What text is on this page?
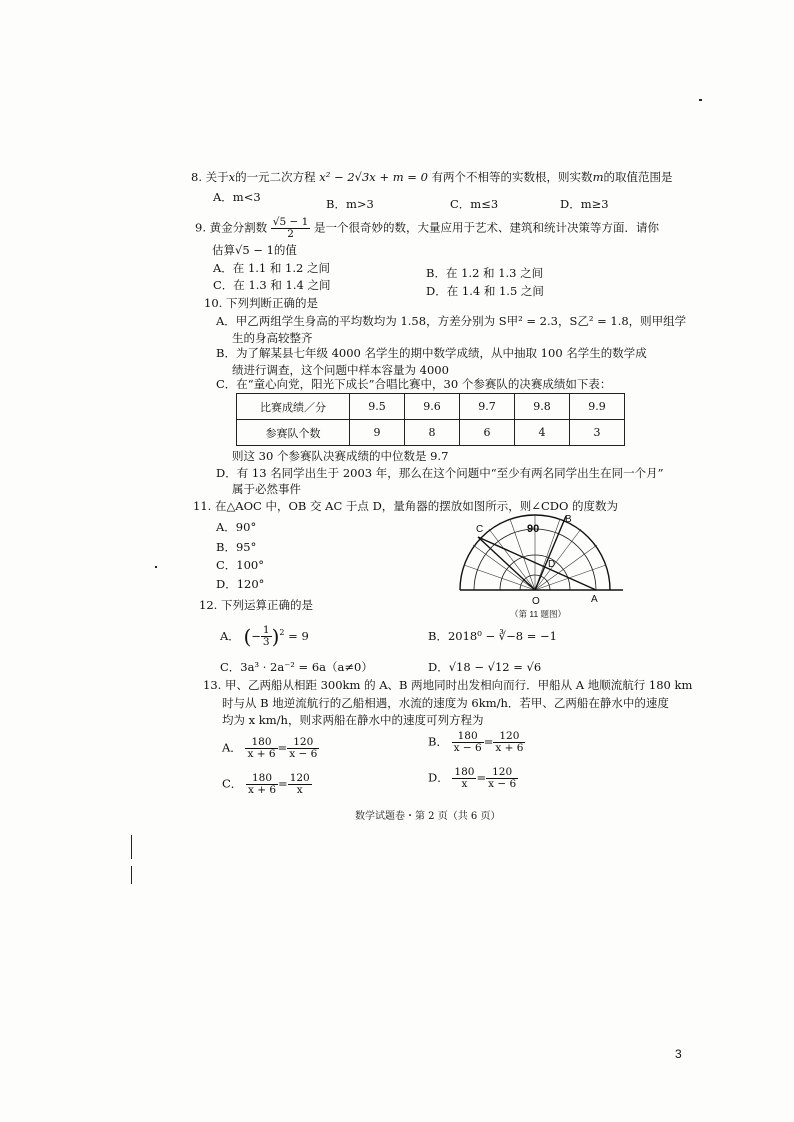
8. 关于x的一元二次方程 x² − 2√3x + m = 0 有两个不相等的实数根，则实数m的取值范围是
A．m<3	B．m>3	C．m≤3	D．m≥3
9. 黄金分割数 $\frac{√5 - 1}{2}$ 是一个很奇妙的数，大量应用于艺术、建筑和统计决策等方面．请你
估算√5 − 1的值
A．在 1.1 和 1.2 之间	B．在 1.2 和 1.3 之间
C．在 1.3 和 1.4 之间	D．在 1.4 和 1.5 之间
10. 下列判断正确的是
A．甲乙两组学生身高的平均数均为 1.58，方差分别为 S甲² = 2.3，S乙² = 1.8，则甲组学
生的身高较整齐
B．为了解某县七年级 4000 名学生的期中数学成绩，从中抽取 100 名学生的数学成
绩进行调查，这个问题中样本容量为 4000
C．在“童心向党，阳光下成长”合唱比赛中，30 个参赛队的决赛成绩如下表：
比赛成绩／分	9.5	9.6	9.7	9.8	9.9
参赛队个数	9	8	6	4	3
则这 30 个参赛队决赛成绩的中位数是 9.7
D．有 13 名同学出生于 2003 年，那么在这个问题中“至少有两名同学出生在同一个月”
属于必然事件
11. 在△AOC 中，OB 交 AC 于点 D，量角器的摆放如图所示，则∠CDO 的度数为
A．90°
B．95°
C．100°
D．120°
C
B
D
O	A
90
（第 11 题图）
12. 下列运算正确的是
A． (− $\frac{1}{3} )^2 = 9$	B．2018⁰ − ∛−8 = −1
C．3a³ · 2a⁻² = 6a（a≠0）	D．√18 − √12 = √6
13. 甲、乙两船从相距 300km 的 A、B 两地同时出发相向而行．甲船从 A 地顺流航行 180 km
时与从 B 地逆流航行的乙船相遇，水流的速度为 6km/h．若甲、乙两船在静水中的速度
均为 x km/h，则求两船在静水中的速度可列方程为
A． $\frac{180}{x + 6} = \frac{120}{x - 6}$	B． $\frac{180}{x - 6} = \frac{120}{x + 6}$
C． $\frac{180}{x + 6} = \frac{120}{x}$	D． $\frac{180}{x} = \frac{120}{x - 6}$
数学试题卷・第 2 页（共 6 页）
3
